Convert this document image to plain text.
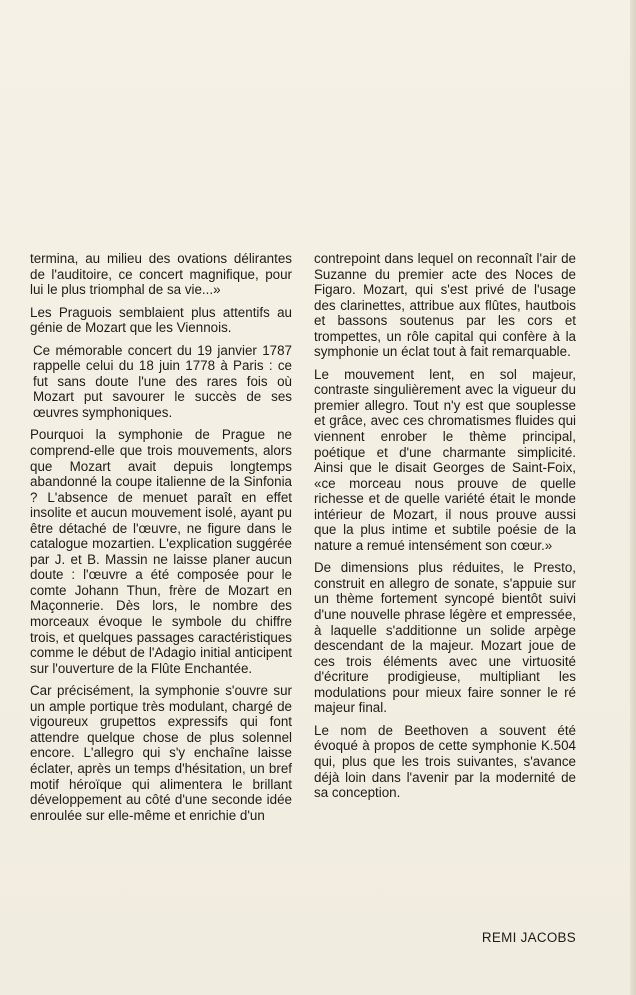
termina, au milieu des ovations délirantes de l'auditoire, ce concert magnifique, pour lui le plus triomphal de sa vie...»

Les Praguois semblaient plus attentifs au génie de Mozart que les Viennois.

Ce mémorable concert du 19 janvier 1787 rappelle celui du 18 juin 1778 à Paris : ce fut sans doute l'une des rares fois où Mozart put savourer le succès de ses œuvres symphoniques.

Pourquoi la symphonie de Prague ne comprend-elle que trois mouvements, alors que Mozart avait depuis longtemps abandonné la coupe italienne de la Sinfonia ? L'absence de menuet paraît en effet insolite et aucun mouvement isolé, ayant pu être détaché de l'œuvre, ne figure dans le catalogue mozartien. L'explication suggérée par J. et B. Massin ne laisse planer aucun doute : l'œuvre a été composée pour le comte Johann Thun, frère de Mozart en Maçonnerie. Dès lors, le nombre des morceaux évoque le symbole du chiffre trois, et quelques passages caractéristiques comme le début de l'Adagio initial anticipent sur l'ouverture de la Flûte Enchantée.

Car précisément, la symphonie s'ouvre sur un ample portique très modulant, chargé de vigoureux grupettos expressifs qui font attendre quelque chose de plus solennel encore. L'allegro qui s'y enchaîne laisse éclater, après un temps d'hésitation, un bref motif héroïque qui alimentera le brillant développement au côté d'une seconde idée enroulée sur elle-même et enrichie d'un

contrepoint dans lequel on reconnaît l'air de Suzanne du premier acte des Noces de Figaro. Mozart, qui s'est privé de l'usage des clarinettes, attribue aux flûtes, hautbois et bassons soutenus par les cors et trompettes, un rôle capital qui confère à la symphonie un éclat tout à fait remarquable.

Le mouvement lent, en sol majeur, contraste singulièrement avec la vigueur du premier allegro. Tout n'y est que souplesse et grâce, avec ces chromatismes fluides qui viennent enrober le thème principal, poétique et d'une charmante simplicité. Ainsi que le disait Georges de Saint-Foix, «ce morceau nous prouve de quelle richesse et de quelle variété était le monde intérieur de Mozart, il nous prouve aussi que la plus intime et subtile poésie de la nature a remué intensément son cœur.»

De dimensions plus réduites, le Presto, construit en allegro de sonate, s'appuie sur un thème fortement syncopé bientôt suivi d'une nouvelle phrase légère et empressée, à laquelle s'additionne un solide arpège descendant de la majeur. Mozart joue de ces trois éléments avec une virtuosité d'écriture prodigieuse, multipliant les modulations pour mieux faire sonner le ré majeur final.

Le nom de Beethoven a souvent été évoqué à propos de cette symphonie K.504 qui, plus que les trois suivantes, s'avance déjà loin dans l'avenir par la modernité de sa conception.

REMI JACOBS
